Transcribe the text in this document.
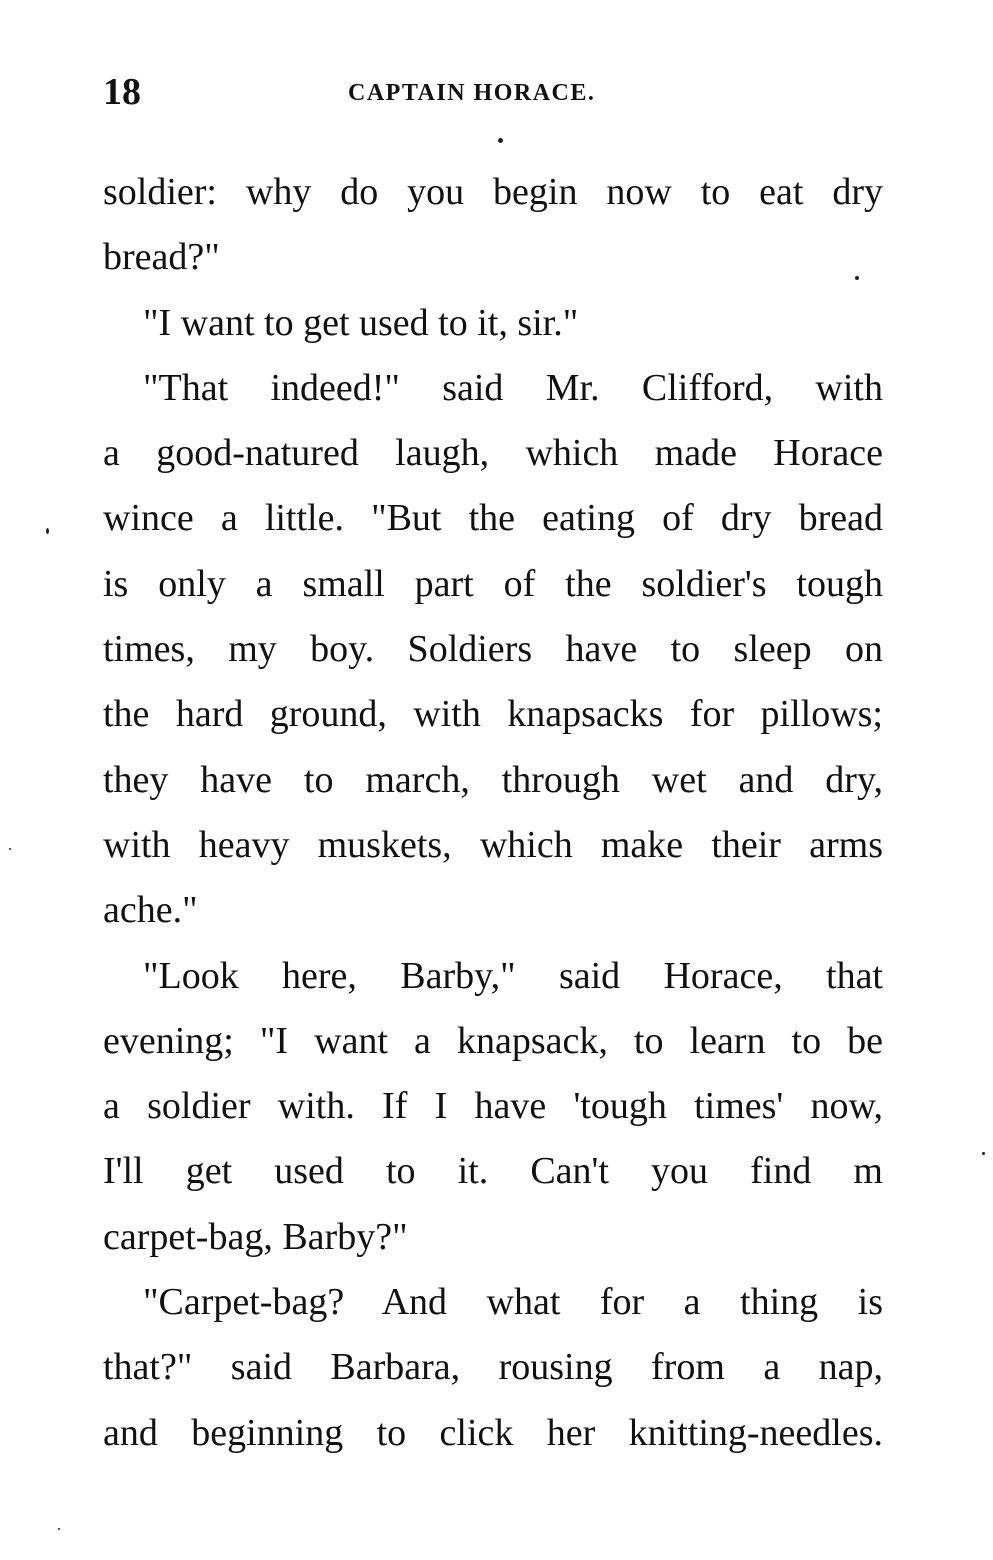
18	CAPTAIN HORACE.
soldier: why do you begin now to eat dry
bread?"
"I want to get used to it, sir."
"That indeed!" said Mr. Clifford, with
a good-natured laugh, which made Horace
wince a little. "But the eating of dry bread
is only a small part of the soldier's tough
times, my boy. Soldiers have to sleep on
the hard ground, with knapsacks for pillows;
they have to march, through wet and dry,
with heavy muskets, which make their arms
ache."
"Look here, Barby," said Horace, that
evening; "I want a knapsack, to learn to be
a soldier with. If I have 'tough times' now,
I'll get used to it. Can't you find m
carpet-bag, Barby?"
"Carpet-bag? And what for a thing is
that?" said Barbara, rousing from a nap,
and beginning to click her knitting-needles.
